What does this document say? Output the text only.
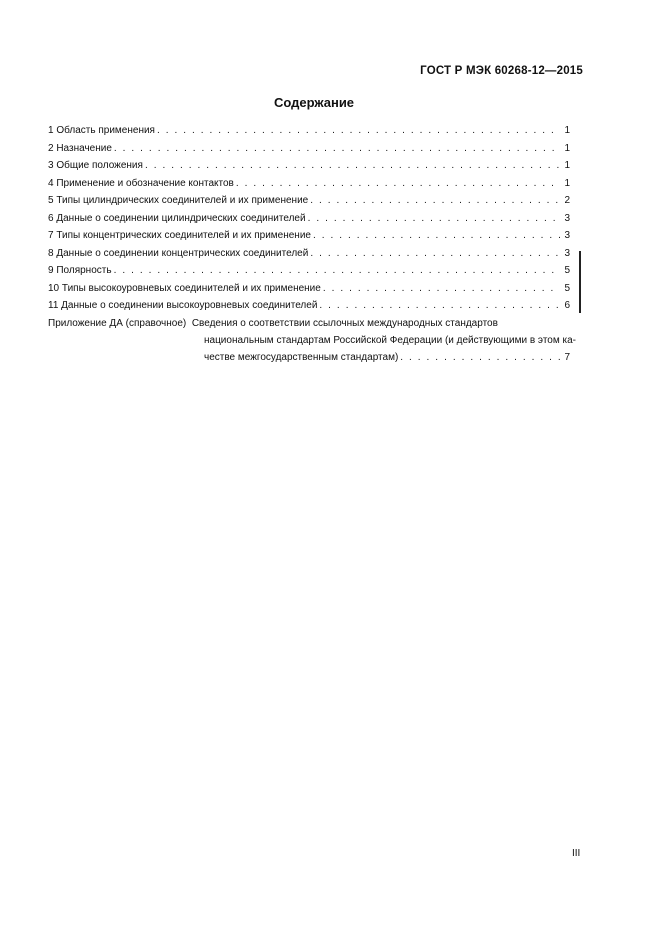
ГОСТ Р МЭК 60268-12—2015
Содержание
1 Область применения . . .	1
2 Назначение . . .	1
3 Общие положения . . .	1
4 Применение и обозначение контактов . . .	1
5 Типы цилиндрических соединителей и их применение . . .	2
6 Данные о соединении цилиндрических соединителей . . .	3
7 Типы концентрических соединителей и их применение . . .	3
8 Данные о соединении концентрических соединителей . . .	3
9 Полярность . . .	5
10 Типы высокоуровневых соединителей и их применение . . .	5
11 Данные о соединении высокоуровневых соединителей . . .	6
Приложение ДА (справочное)
Сведения о соответствии ссылочных международных стандартов
национальным стандартам Российской Федерации (и действующими в этом ка-
честве межгосударственным стандартам) . . .	7
III
